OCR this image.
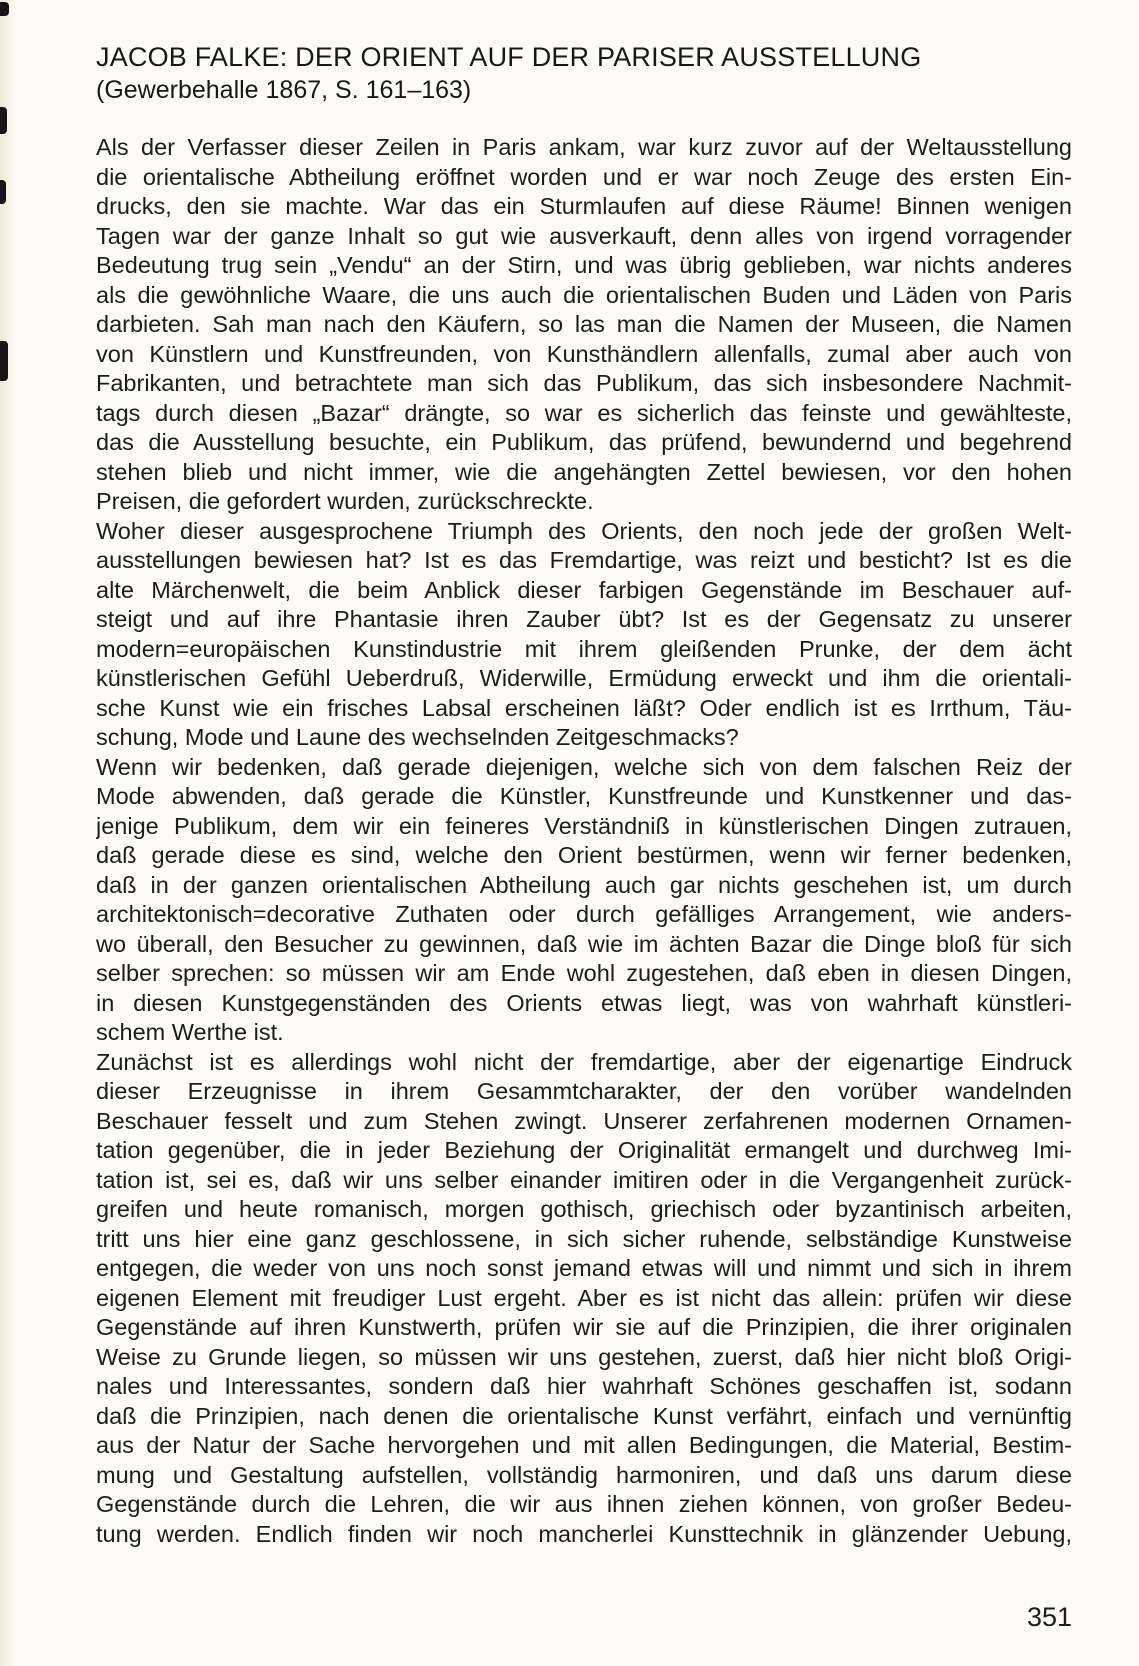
JACOB FALKE: DER ORIENT AUF DER PARISER AUSSTELLUNG
(Gewerbehalle 1867, S. 161–163)
Als der Verfasser dieser Zeilen in Paris ankam, war kurz zuvor auf der Weltausstellung
die orientalische Abtheilung eröffnet worden und er war noch Zeuge des ersten Ein-
drucks, den sie machte. War das ein Sturmlaufen auf diese Räume! Binnen wenigen
Tagen war der ganze Inhalt so gut wie ausverkauft, denn alles von irgend vorragender
Bedeutung trug sein „Vendu“ an der Stirn, und was übrig geblieben, war nichts anderes
als die gewöhnliche Waare, die uns auch die orientalischen Buden und Läden von Paris
darbieten. Sah man nach den Käufern, so las man die Namen der Museen, die Namen
von Künstlern und Kunstfreunden, von Kunsthändlern allenfalls, zumal aber auch von
Fabrikanten, und betrachtete man sich das Publikum, das sich insbesondere Nachmit-
tags durch diesen „Bazar“ drängte, so war es sicherlich das feinste und gewählteste,
das die Ausstellung besuchte, ein Publikum, das prüfend, bewundernd und begehrend
stehen blieb und nicht immer, wie die angehängten Zettel bewiesen, vor den hohen
Preisen, die gefordert wurden, zurückschreckte.
Woher dieser ausgesprochene Triumph des Orients, den noch jede der großen Welt-
ausstellungen bewiesen hat? Ist es das Fremdartige, was reizt und besticht? Ist es die
alte Märchenwelt, die beim Anblick dieser farbigen Gegenstände im Beschauer auf-
steigt und auf ihre Phantasie ihren Zauber übt? Ist es der Gegensatz zu unserer
modern=europäischen Kunstindustrie mit ihrem gleißenden Prunke, der dem ächt
künstlerischen Gefühl Ueberdruß, Widerwille, Ermüdung erweckt und ihm die orientali-
sche Kunst wie ein frisches Labsal erscheinen läßt? Oder endlich ist es Irrthum, Täu-
schung, Mode und Laune des wechselnden Zeitgeschmacks?
Wenn wir bedenken, daß gerade diejenigen, welche sich von dem falschen Reiz der
Mode abwenden, daß gerade die Künstler, Kunstfreunde und Kunstkenner und das-
jenige Publikum, dem wir ein feineres Verständniß in künstlerischen Dingen zutrauen,
daß gerade diese es sind, welche den Orient bestürmen, wenn wir ferner bedenken,
daß in der ganzen orientalischen Abtheilung auch gar nichts geschehen ist, um durch
architektonisch=decorative Zuthaten oder durch gefälliges Arrangement, wie anders-
wo überall, den Besucher zu gewinnen, daß wie im ächten Bazar die Dinge bloß für sich
selber sprechen: so müssen wir am Ende wohl zugestehen, daß eben in diesen Dingen,
in diesen Kunstgegenständen des Orients etwas liegt, was von wahrhaft künstleri-
schem Werthe ist.
Zunächst ist es allerdings wohl nicht der fremdartige, aber der eigenartige Eindruck
dieser Erzeugnisse in ihrem Gesammtcharakter, der den vorüber wandelnden
Beschauer fesselt und zum Stehen zwingt. Unserer zerfahrenen modernen Ornamen-
tation gegenüber, die in jeder Beziehung der Originalität ermangelt und durchweg Imi-
tation ist, sei es, daß wir uns selber einander imitiren oder in die Vergangenheit zurück-
greifen und heute romanisch, morgen gothisch, griechisch oder byzantinisch arbeiten,
tritt uns hier eine ganz geschlossene, in sich sicher ruhende, selbständige Kunstweise
entgegen, die weder von uns noch sonst jemand etwas will und nimmt und sich in ihrem
eigenen Element mit freudiger Lust ergeht. Aber es ist nicht das allein: prüfen wir diese
Gegenstände auf ihren Kunstwerth, prüfen wir sie auf die Prinzipien, die ihrer originalen
Weise zu Grunde liegen, so müssen wir uns gestehen, zuerst, daß hier nicht bloß Origi-
nales und Interessantes, sondern daß hier wahrhaft Schönes geschaffen ist, sodann
daß die Prinzipien, nach denen die orientalische Kunst verfährt, einfach und vernünftig
aus der Natur der Sache hervorgehen und mit allen Bedingungen, die Material, Bestim-
mung und Gestaltung aufstellen, vollständig harmoniren, und daß uns darum diese
Gegenstände durch die Lehren, die wir aus ihnen ziehen können, von großer Bedeu-
tung werden. Endlich finden wir noch mancherlei Kunsttechnik in glänzender Uebung,
351
